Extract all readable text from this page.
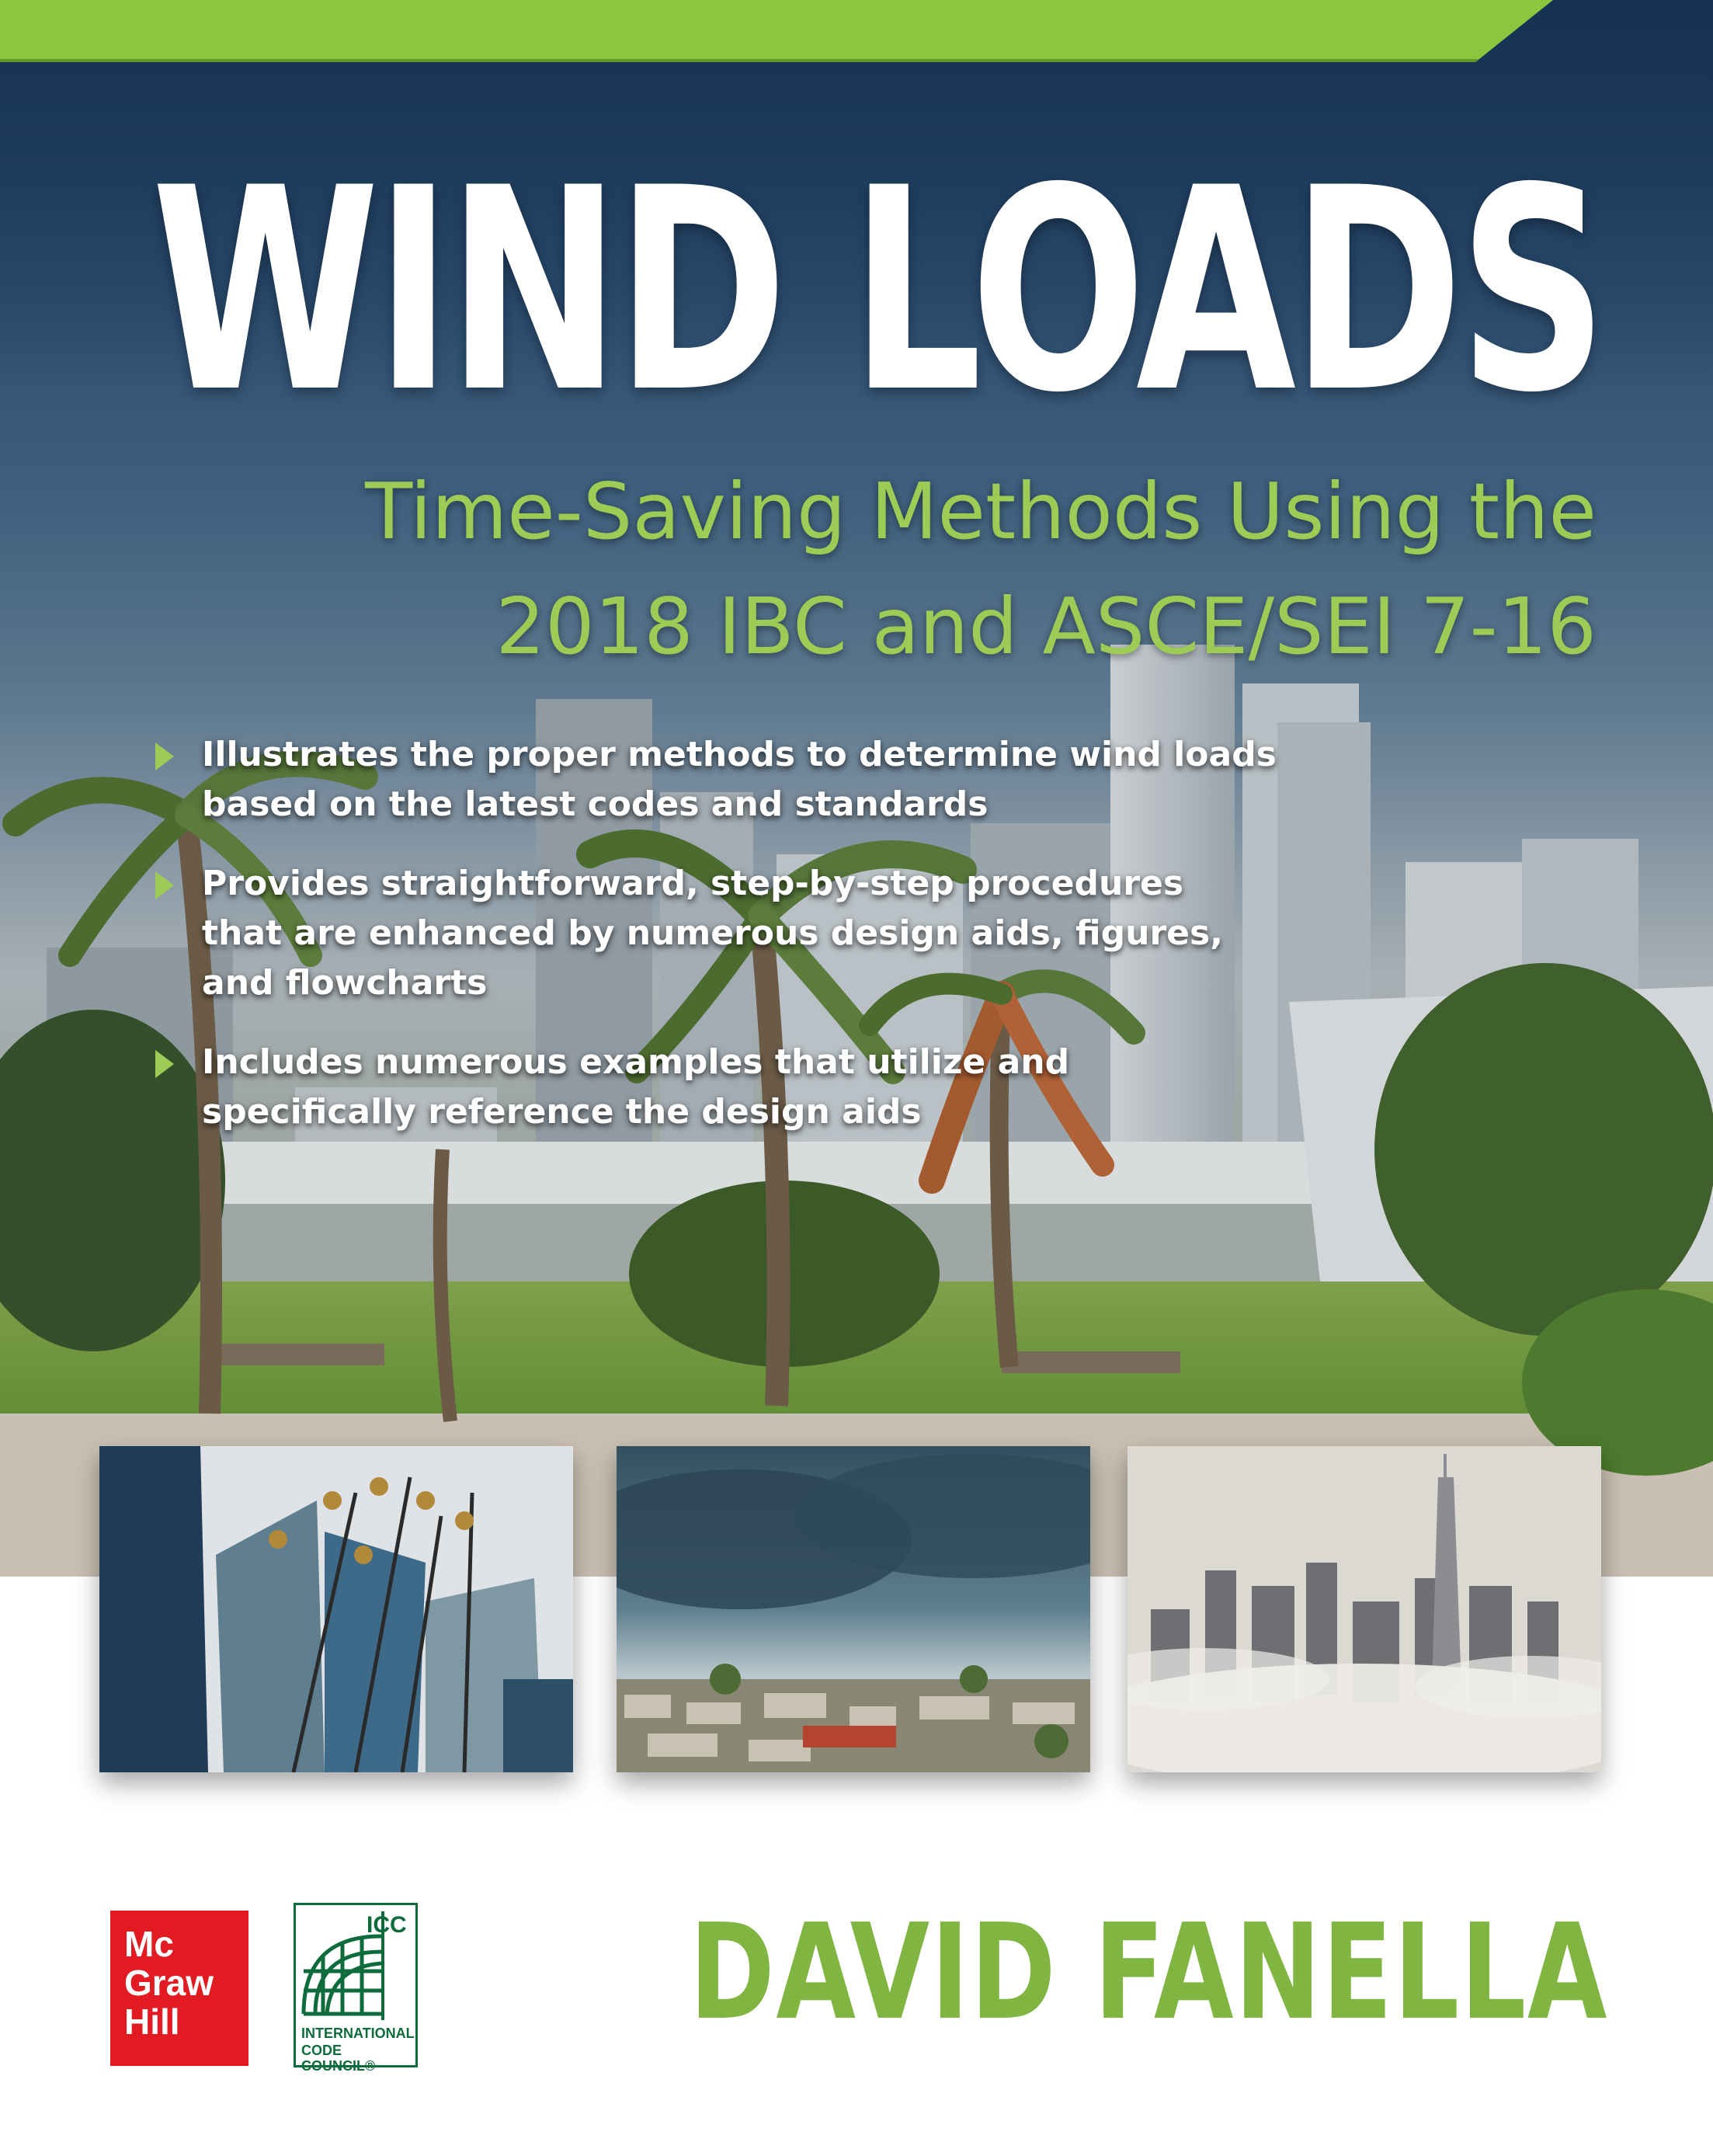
WIND LOADS
Time-Saving Methods Using the
2018 IBC and ASCE/SEI 7-16
Illustrates the proper methods to determine wind loads
based on the latest codes and standards
Provides straightforward, step-by-step procedures
that are enhanced by numerous design aids, figures,
and flowcharts
Includes numerous examples that utilize and
specifically reference the design aids
Mc
Graw
Hill
ICC
INTERNATIONAL
CODE COUNCIL®
DAVID FANELLA
